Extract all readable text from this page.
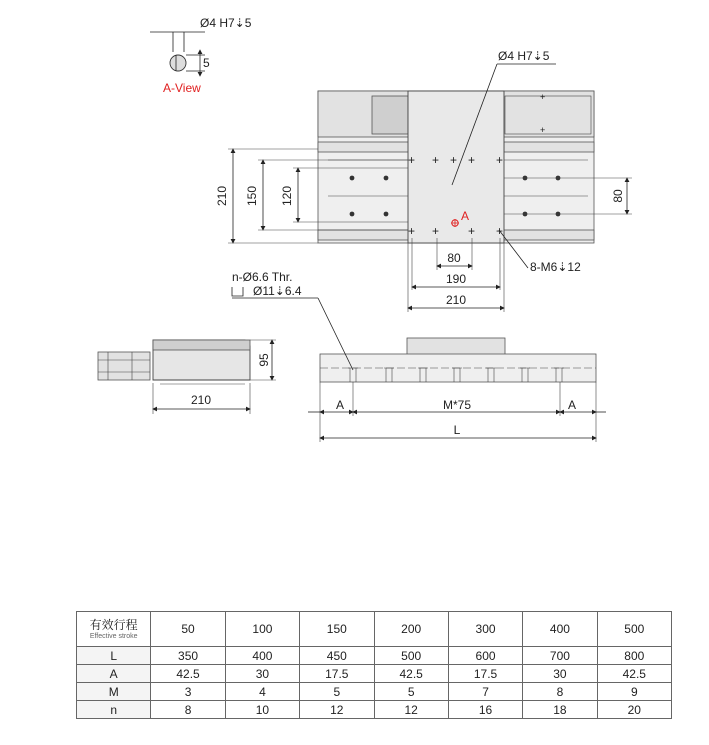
Ø4 H7⇣5
5
A-View
+
+
+ + + +
+ + + +
+
A
Ø4 H7⇣5
210 150 120	80
80
190
210
8-M6⇣12
95
210
n-Ø6.6 Thr.
Ø11⇣6.4
A	M*75	A
L
有效行程
Effective stroke	50	100	150	200	300	400	500
L	350	400	450	500	600	700	800
A	42.5	30	17.5	42.5	17.5	30	42.5
M	3	4	5	5	7	8	9
n	8	10	12	12	16	18	20
